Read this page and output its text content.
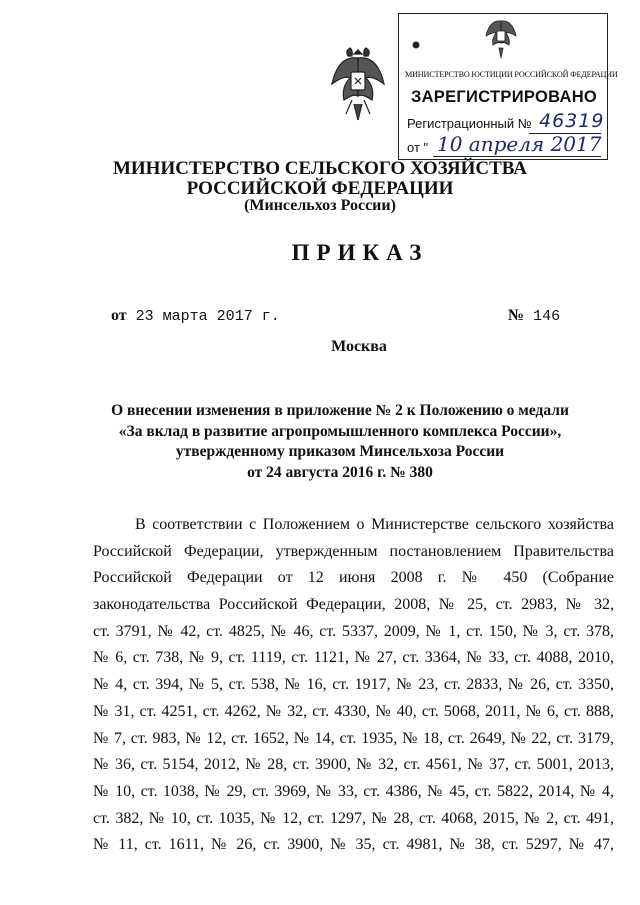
МИНИСТЕРСТВО ЮСТИЦИИ РОССИЙСКОЙ ФЕДЕРАЦИИ
ЗАРЕГИСТРИРОВАНО
Регистрационный № 46319
от " 10 апреля 2017
МИНИСТЕРСТВО СЕЛЬСКОГО ХОЗЯЙСТВА
РОССИЙСКОЙ ФЕДЕРАЦИИ
(Минсельхоз России)
ПРИКАЗ
от 23 марта 2017 г.	№ 146
Москва
О внесении изменения в приложение № 2 к Положению о медали
«За вклад в развитие агропромышленного комплекса России»,
утвержденному приказом Минсельхоза России
от 24 августа 2016 г. № 380
В соответствии с Положением о Министерстве сельского хозяйства
Российской Федерации, утвержденным постановлением Правительства
Российской Федерации от 12 июня 2008 г. № 450 (Собрание
законодательства Российской Федерации, 2008, № 25, ст. 2983, № 32,
ст. 3791, № 42, ст. 4825, № 46, ст. 5337, 2009, № 1, ст. 150, № 3, ст. 378,
№ 6, ст. 738, № 9, ст. 1119, ст. 1121, № 27, ст. 3364, № 33, ст. 4088, 2010,
№ 4, ст. 394, № 5, ст. 538, № 16, ст. 1917, № 23, ст. 2833, № 26, ст. 3350,
№ 31, ст. 4251, ст. 4262, № 32, ст. 4330, № 40, ст. 5068, 2011, № 6, ст. 888,
№ 7, ст. 983, № 12, ст. 1652, № 14, ст. 1935, № 18, ст. 2649, № 22, ст. 3179,
№ 36, ст. 5154, 2012, № 28, ст. 3900, № 32, ст. 4561, № 37, ст. 5001, 2013,
№ 10, ст. 1038, № 29, ст. 3969, № 33, ст. 4386, № 45, ст. 5822, 2014, № 4,
ст. 382, № 10, ст. 1035, № 12, ст. 1297, № 28, ст. 4068, 2015, № 2, ст. 491,
№ 11, ст. 1611, № 26, ст. 3900, № 35, ст. 4981, № 38, ст. 5297, № 47,
